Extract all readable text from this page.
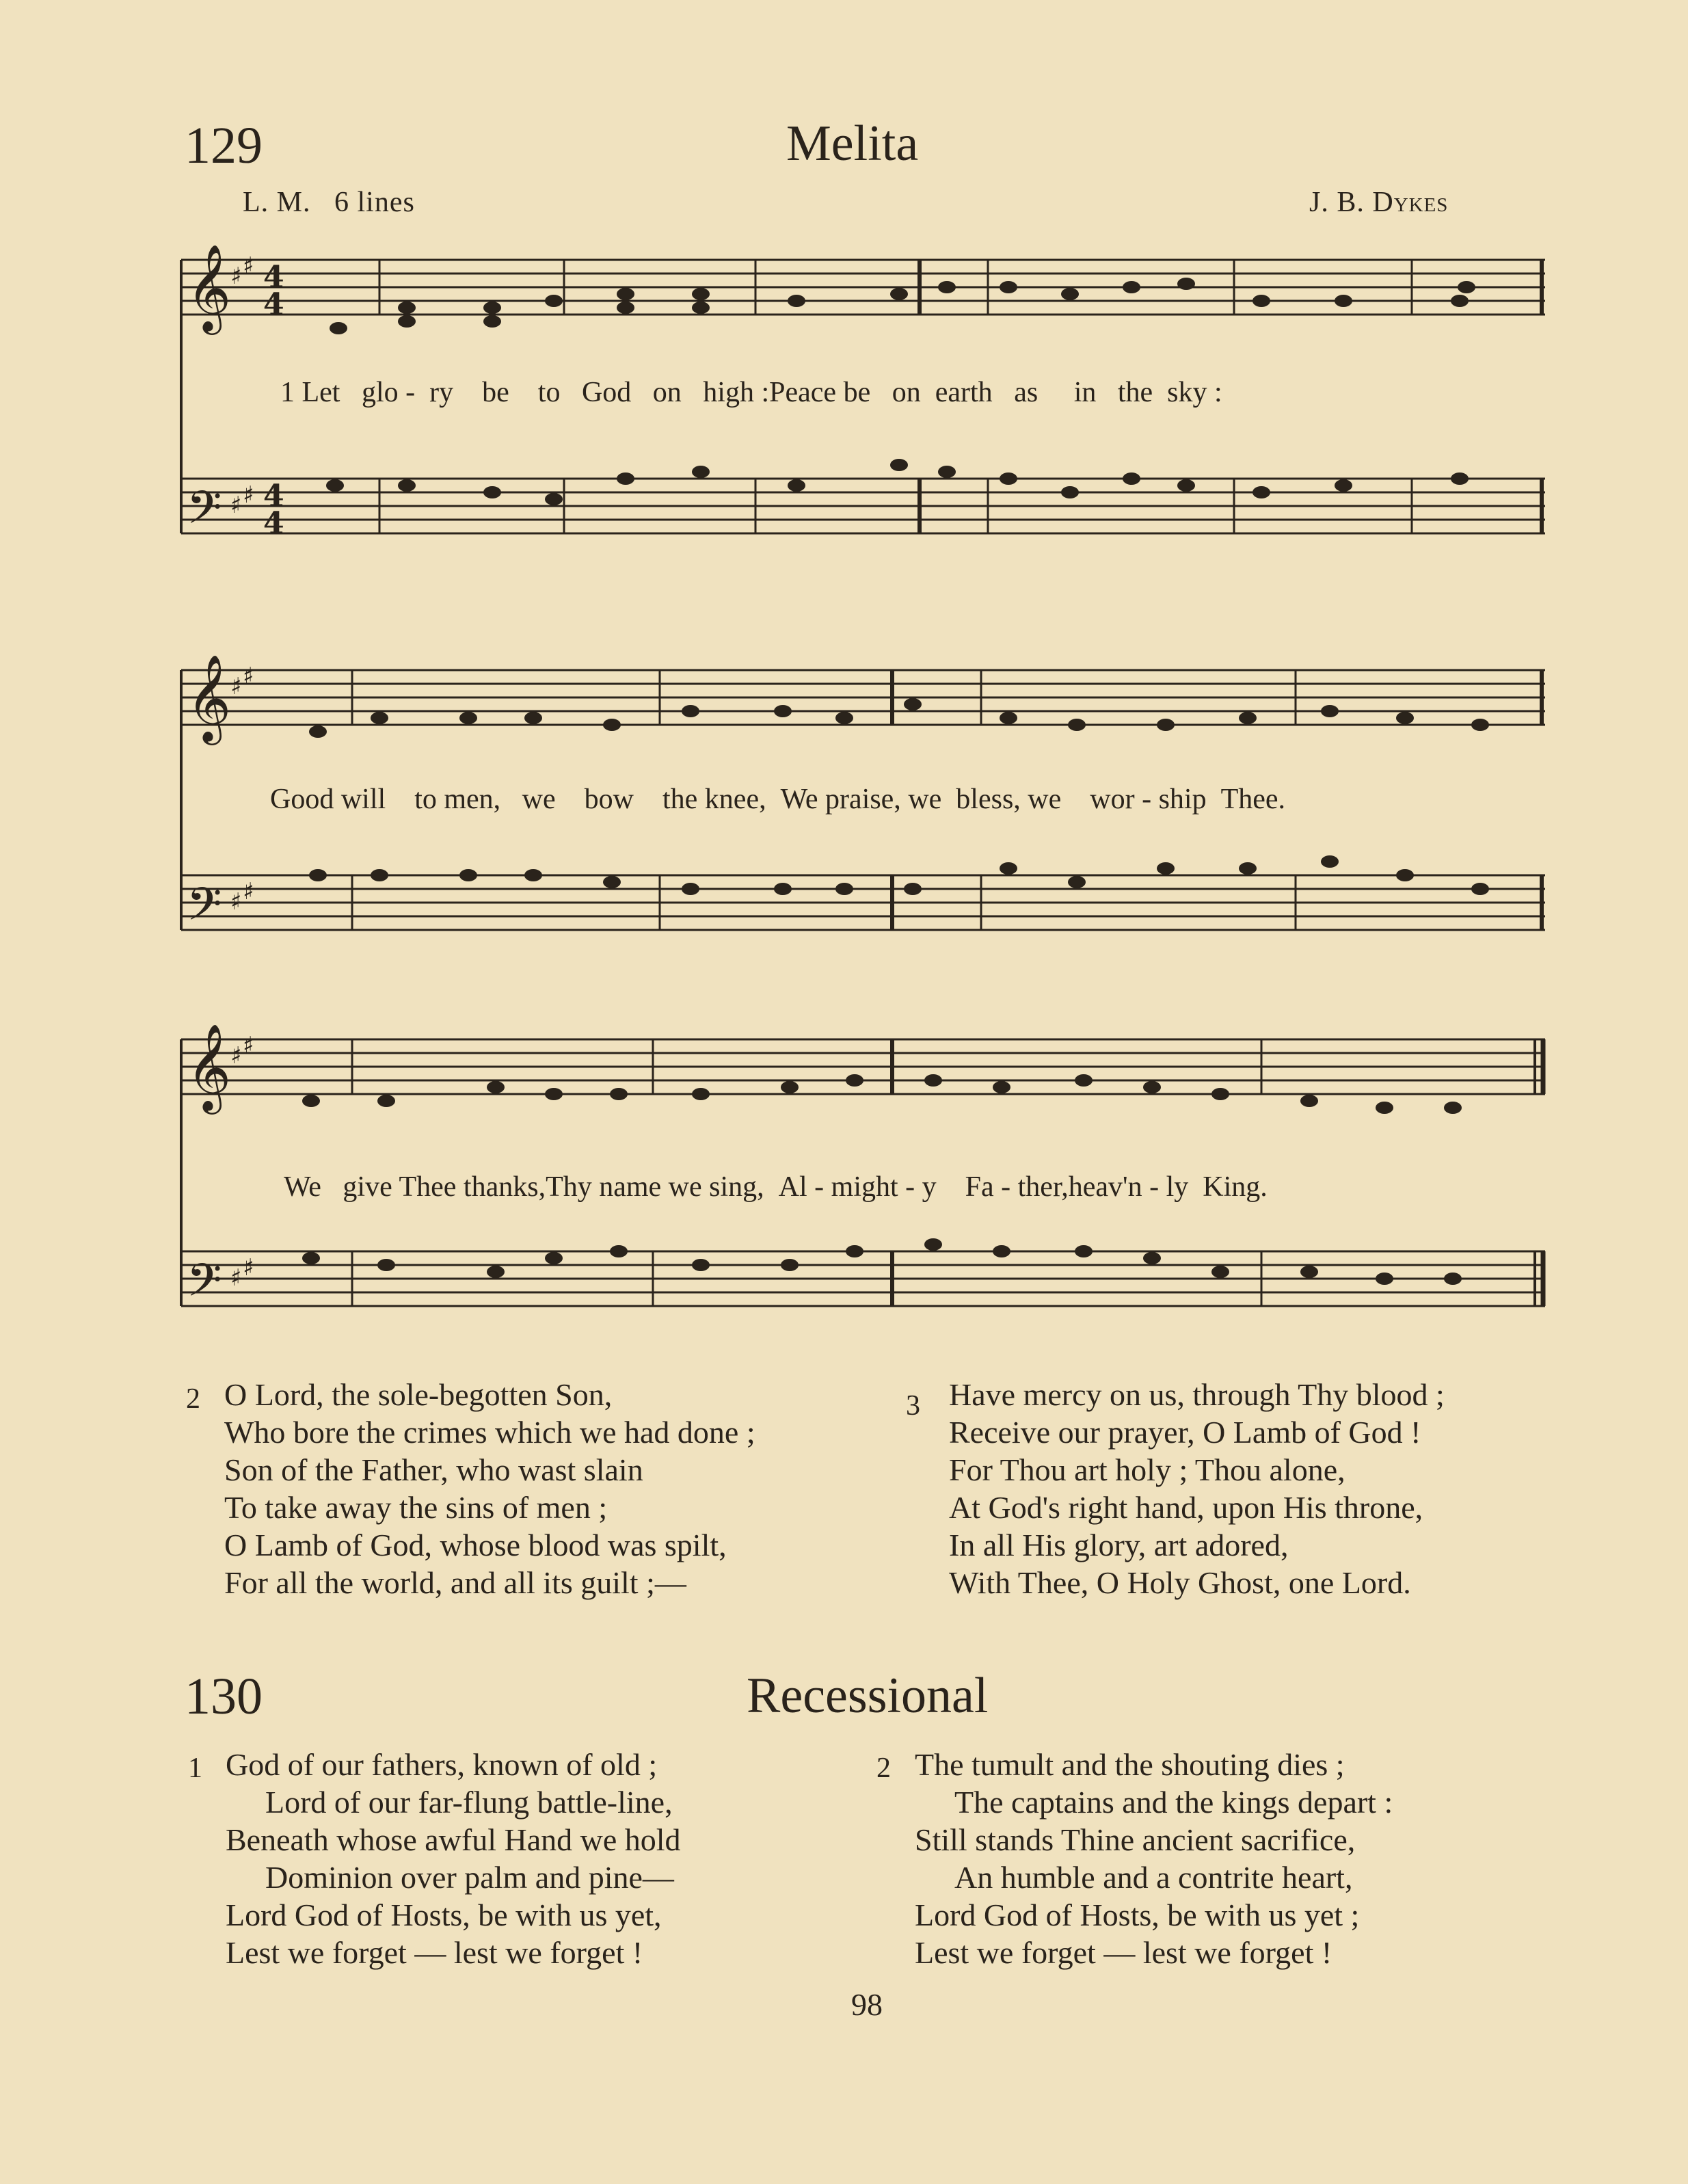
129	Melita
L. M.   6 lines	J. B. Dykes
𝄞
𝄢
♯ ♯
♯ ♯
4
4
4
4
1 Let glo - ry be to God on high :Peace be on earth as in the sky :
𝄞
𝄢
♯ ♯
♯ ♯
Good will to men, we bow the knee, We praise, we bless, we wor - ship Thee.
𝄞
𝄢
♯ ♯
♯ ♯
We give Thee thanks,Thy name we sing, Al - might - y Fa - ther,heav'n - ly King.
2 O Lord, the sole-begotten Son,
Who bore the crimes which we had done ;
Son of the Father, who wast slain
To take away the sins of men ;
O Lamb of God, whose blood was spilt,
For all the world, and all its guilt ;—
3 Have mercy on us, through Thy blood ;
Receive our prayer, O Lamb of God !
For Thou art holy ; Thou alone,
At God's right hand, upon His throne,
In all His glory, art adored,
With Thee, O Holy Ghost, one Lord.
130	Recessional
1 God of our fathers, known of old ;
Lord of our far-flung battle-line,
Beneath whose awful Hand we hold
Dominion over palm and pine—
Lord God of Hosts, be with us yet,
Lest we forget — lest we forget !
2 The tumult and the shouting dies ;
The captains and the kings depart :
Still stands Thine ancient sacrifice,
An humble and a contrite heart,
Lord God of Hosts, be with us yet ;
Lest we forget — lest we forget !
98
